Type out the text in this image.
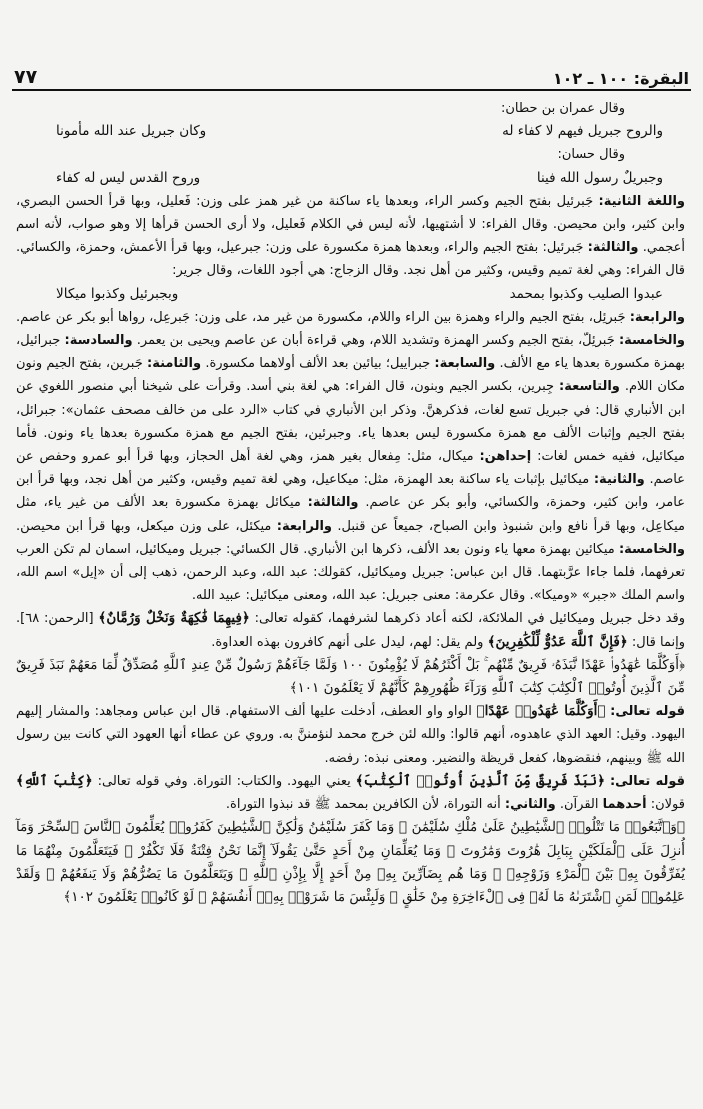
البقرة: ١٠٠ ـ ١٠٢
٧٧

وقال عمران بن حطان:

والروح جبريل فيهم لا كفاء له
وكان جبريل عند الله مأمونا

وقال حسان:

وجبريلٌ رسول الله فينا
وروح القدس ليس له كفاء

واللغة الثانية: جَبرئيل بفتح الجيم وكسر الراء، وبعدها ياء ساكنة من غير همز على وزن: فَعليل، وبها قرأ الحسن البصري، وابن كثير، وابن محيصن. وقال الفراء: لا أشتهيها، لأنه ليس في الكلام فَعليل، ولا أرى الحسن قرأها إلا وهو صواب، لأنه اسم أعجمي. والثالثة: جَبرئيل: بفتح الجيم والراء، وبعدها همزة مكسورة على وزن: جبرعيل، وبها قرأ الأعمش، وحمزة، والكسائي. قال الفراء: وهي لغة تميم وقيس، وكثير من أهل نجد. وقال الزجاج: هي أجود اللغات، وقال جرير:

عبدوا الصليب وكذبوا بمحمد
وبجبرئيل وكذبوا ميكالا

والرابعة: جَبرئِل، بفتح الجيم والراء وهمزة بين الراء واللام، مكسورة من غير مد، على وزن: جَبرعِل، رواها أبو بكر عن عاصم. والخامسة: جَبرئِلّ، بفتح الجيم وكسر الهمزة وتشديد اللام، وهي قراءة أبان عن عاصم ويحيى بن يعمر. والسادسة: جبرائيل، بهمزة مكسورة بعدها ياء مع الألف. والسابعة: جبراييل؛ بيائين بعد الألف أولاهما مكسورة. والثامنة: جَبرين، بفتح الجيم ونون مكان اللام. والتاسعة: جِبرين، بكسر الجيم وبنون، قال الفراء: هي لغة بني أسد. وقرأت على شيخنا أبي منصور اللغوي عن ابن الأنباري قال: في جبريل تسع لغات، فذكرهنَّ. وذكر ابن الأنباري في كتاب «الرد على من خالف مصحف عثمان»: جبرائل، بفتح الجيم وإثبات الألف مع همزة مكسورة ليس بعدها ياء. وجبرئين، بفتح الجيم مع همزة مكسورة بعدها ياء ونون. فأما ميكائيل، ففيه خمس لغات: إحداهن: ميكال، مثل: مِفعال بغير همز، وهي لغة أهل الحجاز، وبها قرأ أبو عمرو وحفص عن عاصم. والثانية: ميكائيل بإثبات ياء ساكنة بعد الهمزة، مثل: ميكاعيل، وهي لغة تميم وقيس، وكثير من أهل نجد، وبها قرأ ابن عامر، وابن كثير، وحمزة، والكسائي، وأبو بكر عن عاصم. والثالثة: ميكائل بهمزة مكسورة بعد الألف من غير ياء، مثل ميكاعِل، وبها قرأ نافع وابن شنبوذ وابن الصباح، جميعاً عن قنبل. والرابعة: ميكئل، على وزن ميكعل، وبها قرأ ابن محيصن. والخامسة: ميكائين بهمزة معها ياء ونون بعد الألف، ذكرها ابن الأنباري. قال الكسائي: جبريل وميكائيل، اسمان لم تكن العرب تعرفهما، فلما جاءا عرَّبتهما. قال ابن عباس: جبريل وميكائيل، كقولك: عبد الله، وعبد الرحمن، ذهب إلى أن «إيل» اسم الله، واسم الملك «جبر» «وميكا». وقال عكرمة: معنى جبريل: عبد الله، ومعنى ميكائيل: عبيد الله.

وقد دخل جبريل وميكائيل في الملائكة، لكنه أعاد ذكرهما لشرفهما، كقوله تعالى: ﴿فِيهِمَا فَٰكِهَةٌ وَنَخْلٌ وَرُمَّانٌ﴾ [الرحمن: ٦٨]. وإنما قال: ﴿فَإِنَّ ٱللَّهَ عَدُوٌّ لِّلْكَٰفِرِينَ﴾ ولم يقل: لهم، ليدل على أنهم كافرون بهذه العداوة.

﴿أَوَكُلَّمَا عَٰهَدُوا۟ عَهْدًا نَّبَذَهُۥ فَرِيقٌ مِّنْهُم ۚ بَلْ أَكْثَرُهُمْ لَا يُؤْمِنُونَ ١٠٠ وَلَمَّا جَآءَهُمْ رَسُولٌ مِّنْ عِندِ ٱللَّهِ مُصَدِّقٌ لِّمَا مَعَهُمْ نَبَذَ فَرِيقٌ مِّنَ ٱلَّذِينَ أُوتُوا۟ ٱلْكِتَٰبَ كِتَٰبَ ٱللَّهِ وَرَآءَ ظُهُورِهِمْ كَأَنَّهُمْ لَا يَعْلَمُونَ ١٠١﴾

قوله تعالى: ﴿أَوَكُلَّمَا عَٰهَدُوا۟ عَهْدًا﴾ الواو واو العطف، أدخلت عليها ألف الاستفهام. قال ابن عباس ومجاهد: والمشار إليهم اليهود. وقيل: العهد الذي عاهدوه، أنهم قالوا: والله لئن خرج محمد لنؤمننَّ به. وروي عن عطاء أنها العهود التي كانت بين رسول الله ﷺ وبينهم، فنقضوها، كفعل قريظة والنضير. ومعنى نبذه: رفضه.

قوله تعالى: ﴿نَبَذَ فَرِيقٌ مِّنَ ٱلَّذِينَ أُوتُوا۟ ٱلْكِتَٰبَ﴾ يعني اليهود. والكتاب: التوراة. وفي قوله تعالى: ﴿كِتَٰبَ ٱللَّهِ﴾ قولان: أحدهما القرآن. والثاني: أنه التوراة، لأن الكافرين بمحمد ﷺ قد نبذوا التوراة.

﴿وَٱتَّبَعُوا۟ مَا تَتْلُوا۟ ٱلشَّيَٰطِينُ عَلَىٰ مُلْكِ سُلَيْمَٰنَ ۖ وَمَا كَفَرَ سُلَيْمَٰنُ وَلَٰكِنَّ ٱلشَّيَٰطِينَ كَفَرُوا۟ يُعَلِّمُونَ ٱلنَّاسَ ٱلسِّحْرَ وَمَآ أُنزِلَ عَلَى ٱلْمَلَكَيْنِ بِبَابِلَ هَٰرُوتَ وَمَٰرُوتَ ۚ وَمَا يُعَلِّمَانِ مِنْ أَحَدٍ حَتَّىٰ يَقُولَآ إِنَّمَا نَحْنُ فِتْنَةٌ فَلَا تَكْفُرْ ۖ فَيَتَعَلَّمُونَ مِنْهُمَا مَا يُفَرِّقُونَ بِهِۦ بَيْنَ ٱلْمَرْءِ وَزَوْجِهِۦ ۚ وَمَا هُم بِضَآرِّينَ بِهِۦ مِنْ أَحَدٍ إِلَّا بِإِذْنِ ٱللَّهِ ۚ وَيَتَعَلَّمُونَ مَا يَضُرُّهُمْ وَلَا يَنفَعُهُمْ ۚ وَلَقَدْ عَلِمُوا۟ لَمَنِ ٱشْتَرَىٰهُ مَا لَهُۥ فِى ٱلْءَاخِرَةِ مِنْ خَلَٰقٍ ۚ وَلَبِئْسَ مَا شَرَوْا۟ بِهِۦٓ أَنفُسَهُمْ ۚ لَوْ كَانُوا۟ يَعْلَمُونَ ١٠٢﴾
